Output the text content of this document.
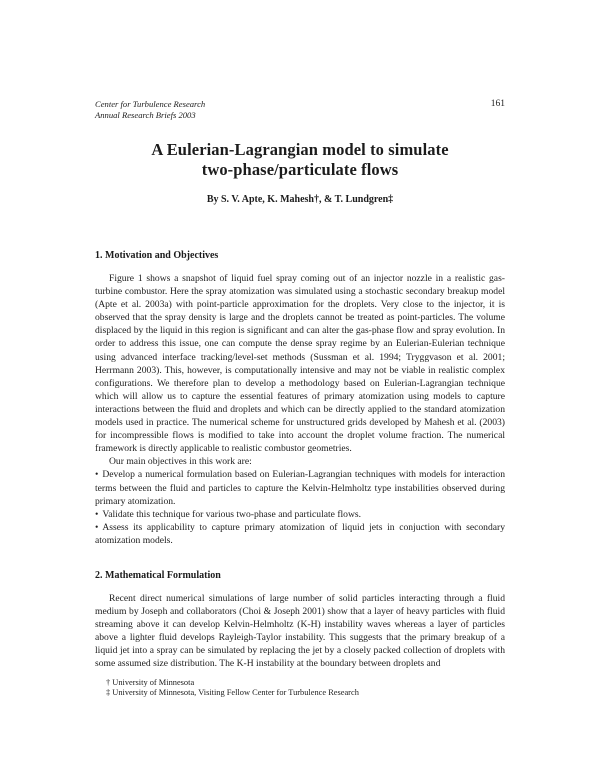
Center for Turbulence Research
Annual Research Briefs 2003
161
A Eulerian-Lagrangian model to simulate
two-phase/particulate flows
By S. V. Apte, K. Mahesh†, & T. Lundgren‡
1. Motivation and Objectives

Figure 1 shows a snapshot of liquid fuel spray coming out of an injector nozzle in a realistic gas-turbine combustor. Here the spray atomization was simulated using a stochastic secondary breakup model (Apte et al. 2003a) with point-particle approximation for the droplets. Very close to the injector, it is observed that the spray density is large and the droplets cannot be treated as point-particles. The volume displaced by the liquid in this region is significant and can alter the gas-phase flow and spray evolution. In order to address this issue, one can compute the dense spray regime by an Eulerian-Eulerian technique using advanced interface tracking/level-set methods (Sussman et al. 1994; Tryggvason et al. 2001; Herrmann 2003). This, however, is computationally intensive and may not be viable in realistic complex configurations. We therefore plan to develop a methodology based on Eulerian-Lagrangian technique which will allow us to capture the essential features of primary atomization using models to capture interactions between the fluid and droplets and which can be directly applied to the standard atomization models used in practice. The numerical scheme for unstructured grids developed by Mahesh et al. (2003) for incompressible flows is modified to take into account the droplet volume fraction. The numerical framework is directly applicable to realistic combustor geometries.

Our main objectives in this work are:

• Develop a numerical formulation based on Eulerian-Lagrangian techniques with models for interaction terms between the fluid and particles to capture the Kelvin-Helmholtz type instabilities observed during primary atomization.
• Validate this technique for various two-phase and particulate flows.
• Assess its applicability to capture primary atomization of liquid jets in conjuction with secondary atomization models.
2. Mathematical Formulation

Recent direct numerical simulations of large number of solid particles interacting through a fluid medium by Joseph and collaborators (Choi & Joseph 2001) show that a layer of heavy particles with fluid streaming above it can develop Kelvin-Helmholtz (K-H) instability waves whereas a layer of particles above a lighter fluid develops Rayleigh-Taylor instability. This suggests that the primary breakup of a liquid jet into a spray can be simulated by replacing the jet by a closely packed collection of droplets with some assumed size distribution. The K-H instability at the boundary between droplets and

† University of Minnesota
‡ University of Minnesota, Visiting Fellow Center for Turbulence Research
